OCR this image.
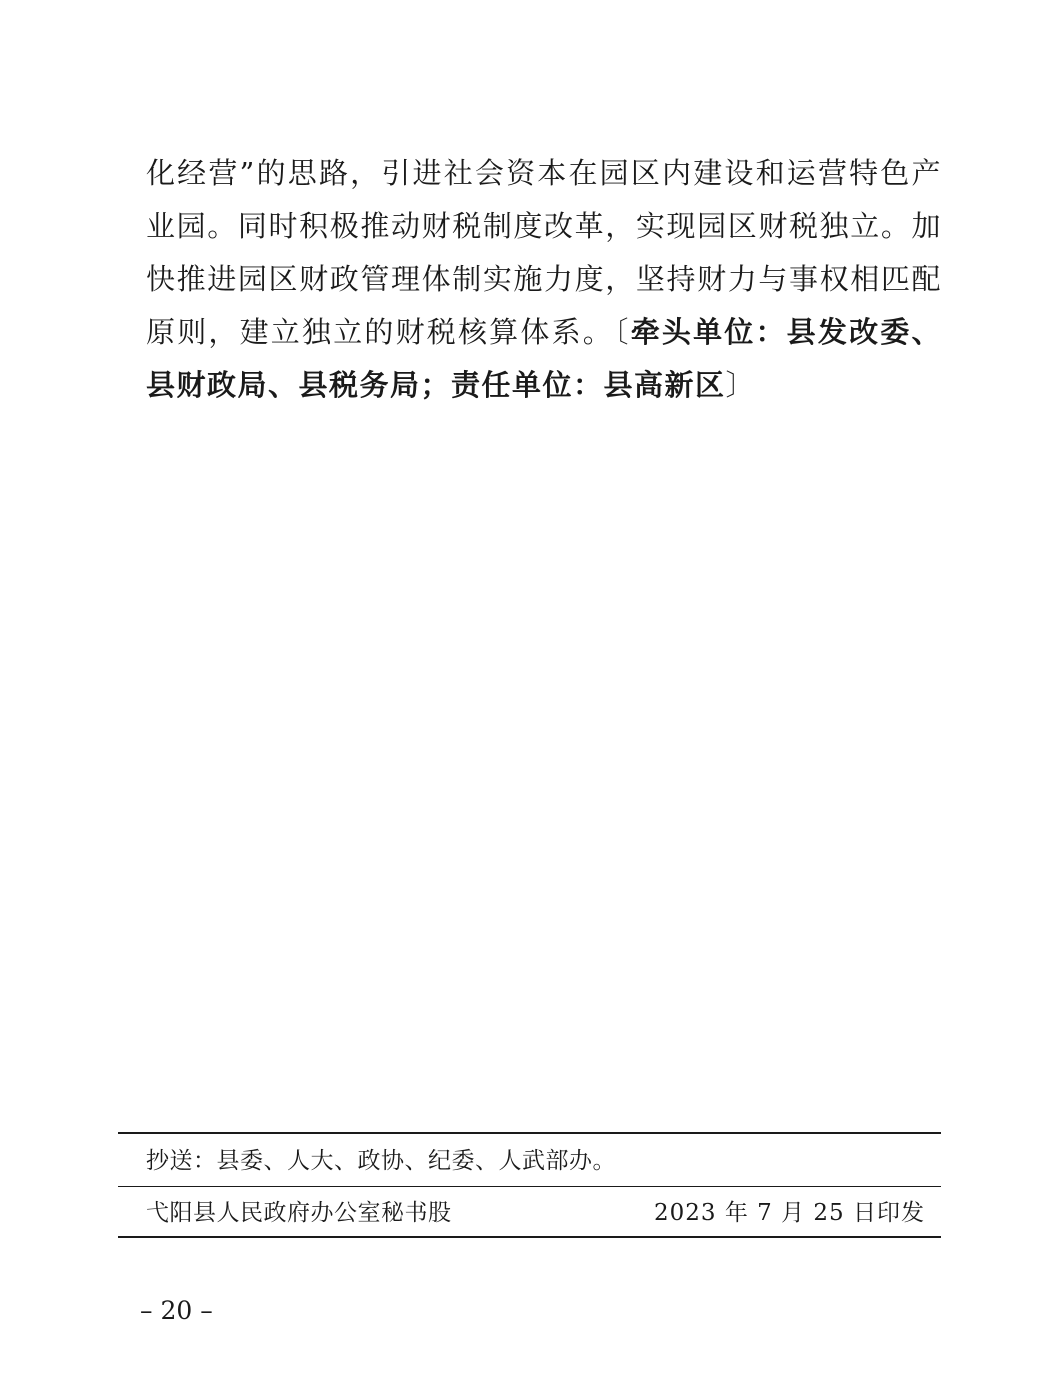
化经营”的思路，引进社会资本在园区内建设和运营特色产业园。同时积极推动财税制度改革，实现园区财税独立。加快推进园区财政管理体制实施力度，坚持财力与事权相匹配原则，建立独立的财税核算体系。〔牵头单位：县发改委、县财政局、县税务局；责任单位：县高新区〕
抄送：县委、人大、政协、纪委、人武部办。
弋阳县人民政府办公室秘书股	2023 年 7 月 25 日印发
– 20 –
